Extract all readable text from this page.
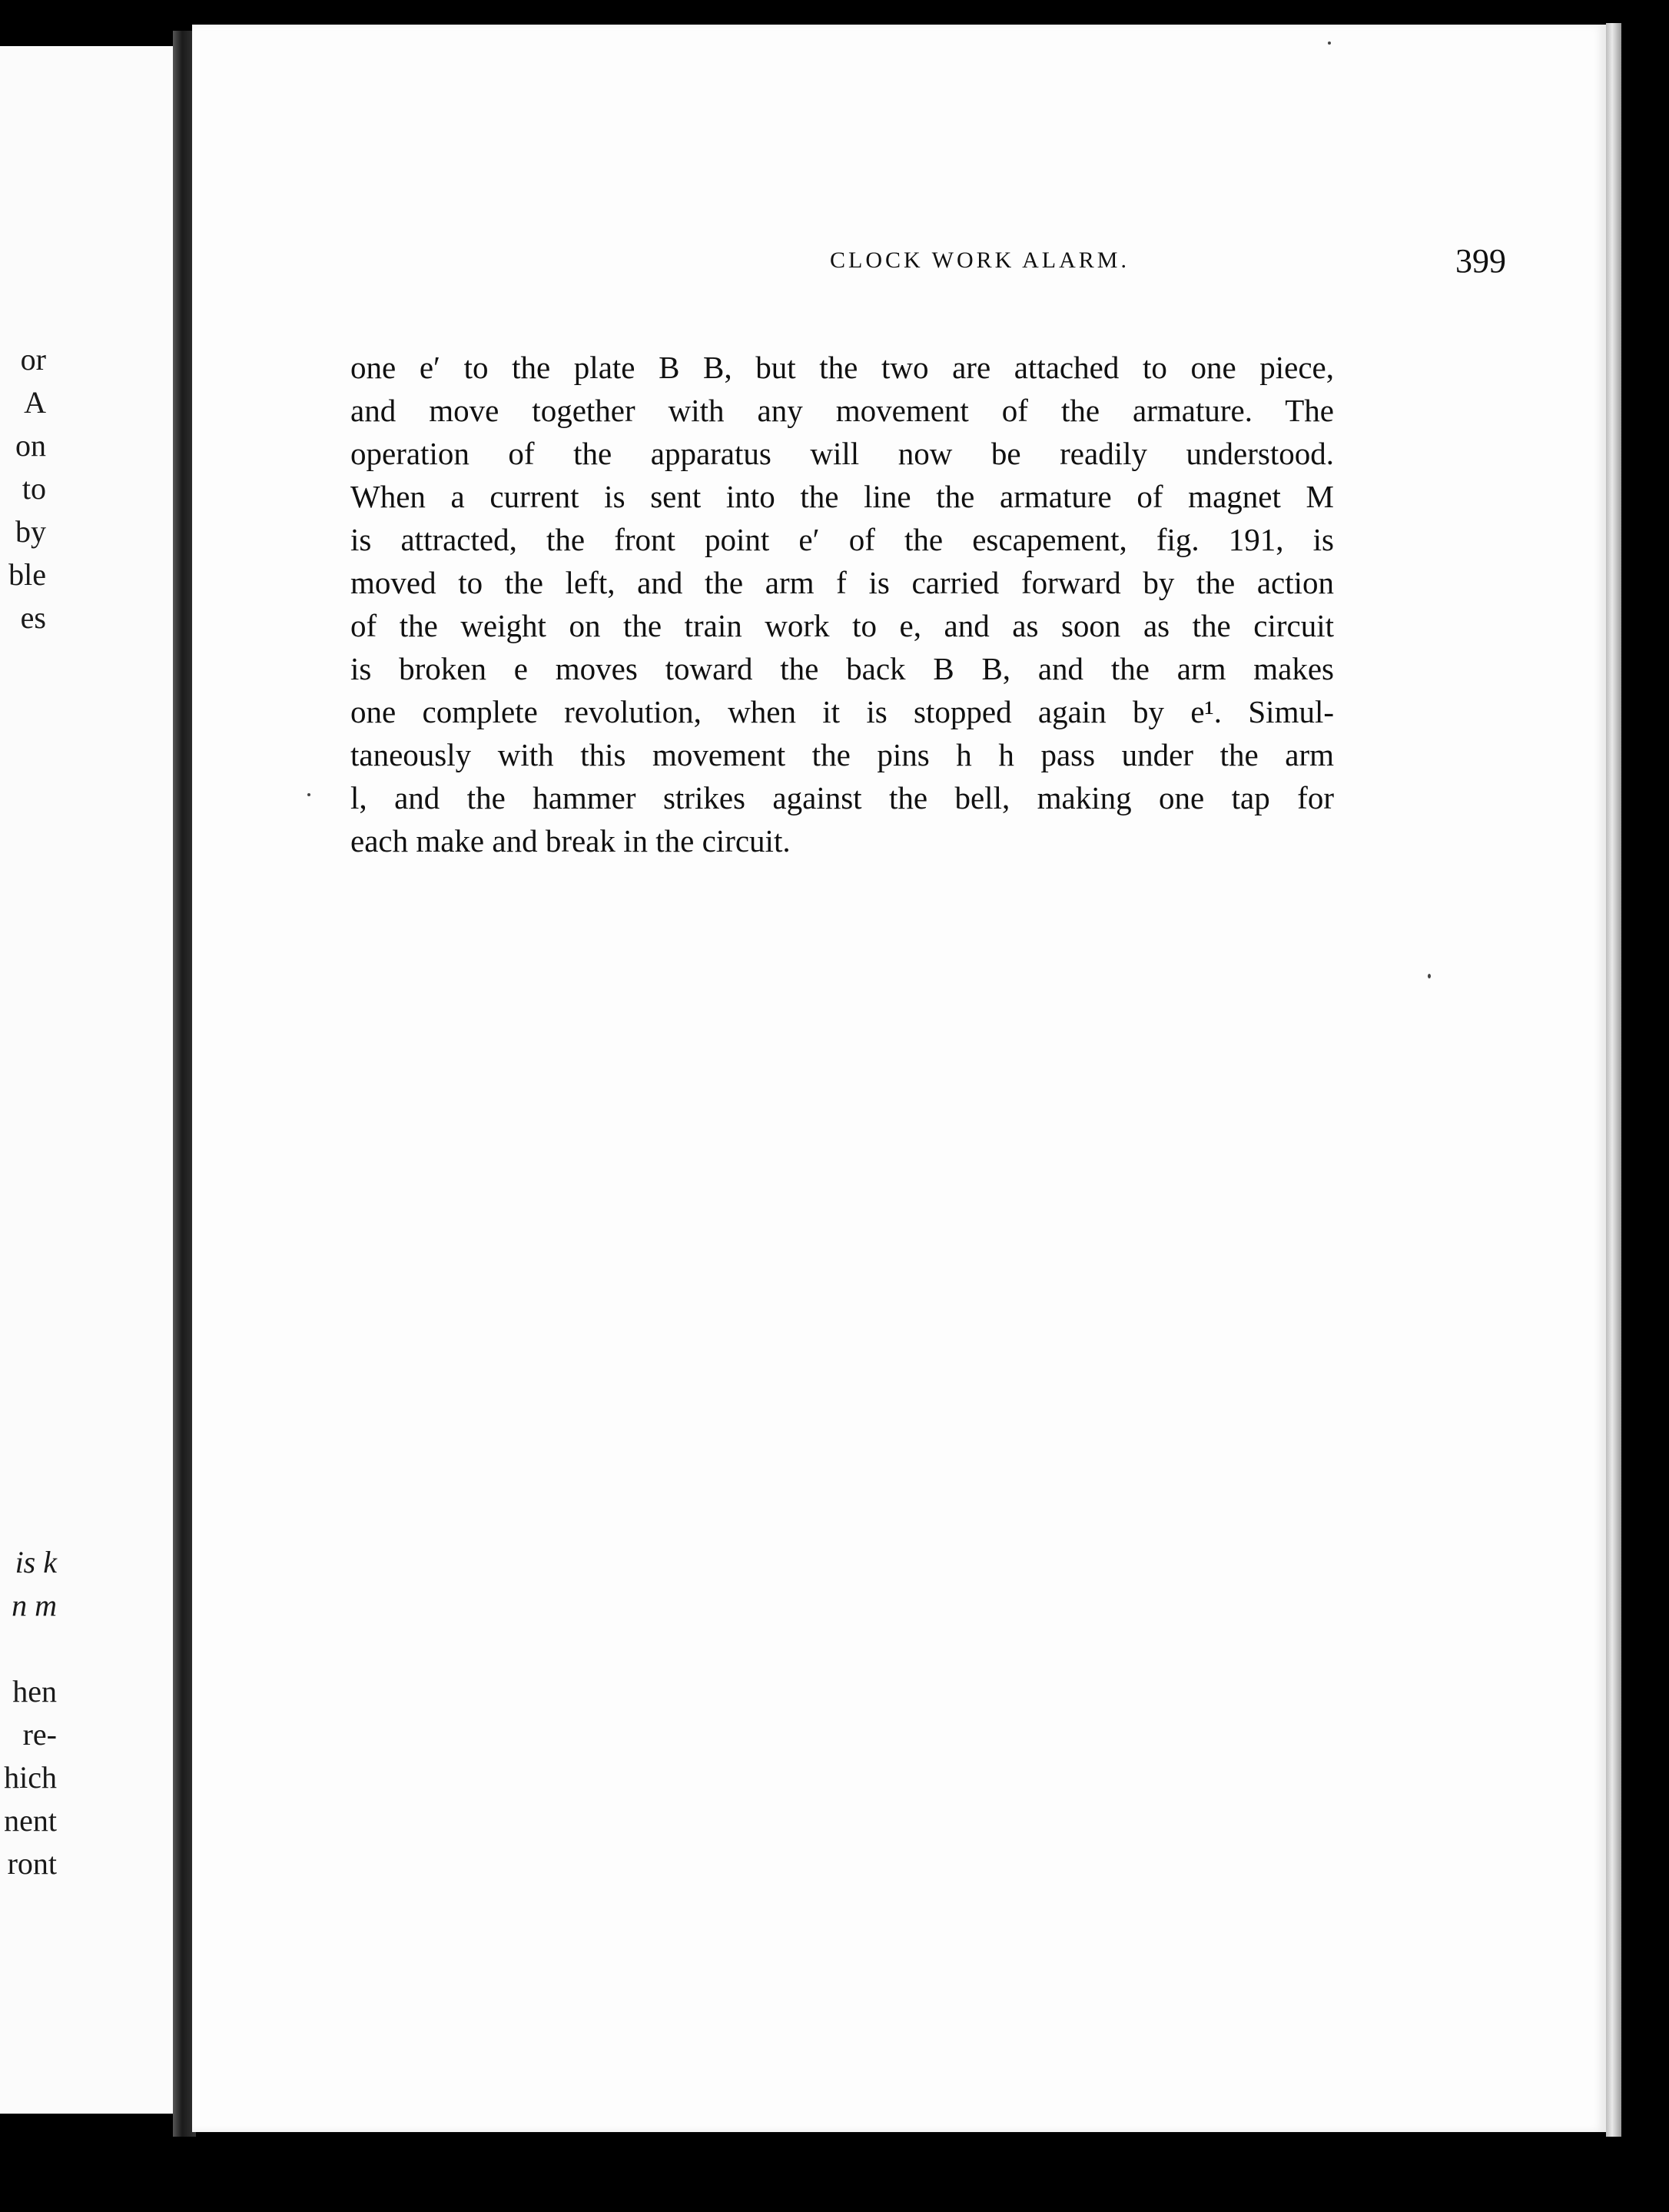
or
A
on
to
by
ble
es
is k
n m

hen
re-
hich
nent
ront
CLOCK WORK ALARM.	399
one e′ to the plate B B, but the two are attached to one piece,
and move together with any movement of the armature. The
operation of the apparatus will now be readily understood.
When a current is sent into the line the armature of magnet M
is attracted, the front point e′ of the escapement, fig. 191, is
moved to the left, and the arm f is carried forward by the action
of the weight on the train work to e, and as soon as the circuit
is broken e moves toward the back B B, and the arm makes
one complete revolution, when it is stopped again by e¹. Simul-
taneously with this movement the pins h h pass under the arm
l, and the hammer strikes against the bell, making one tap for
each make and break in the circuit.
